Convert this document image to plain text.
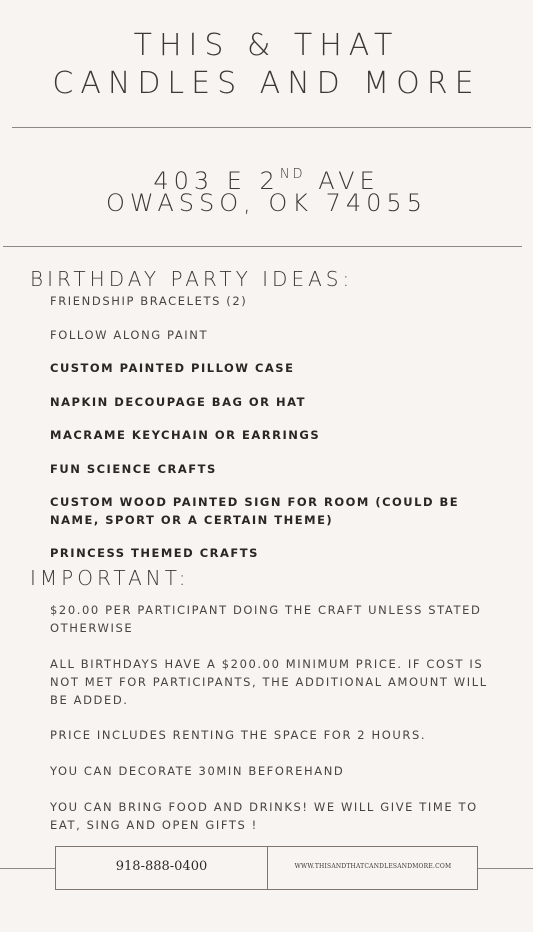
THIS & THAT
CANDLES AND MORE
403 E 2ND AVE
OWASSO, OK 74055
BIRTHDAY PARTY IDEAS:
FRIENDSHIP BRACELETS (2)
FOLLOW ALONG PAINT
CUSTOM PAINTED PILLOW CASE
NAPKIN DECOUPAGE BAG OR HAT
MACRAME KEYCHAIN OR EARRINGS
FUN SCIENCE CRAFTS
CUSTOM WOOD PAINTED SIGN FOR ROOM (COULD BE NAME, SPORT OR A CERTAIN THEME)
PRINCESS THEMED CRAFTS
IMPORTANT:
$20.00 PER PARTICIPANT DOING THE CRAFT UNLESS STATED OTHERWISE
ALL BIRTHDAYS HAVE A $200.00 MINIMUM PRICE. IF COST IS NOT MET FOR PARTICIPANTS, THE ADDITIONAL AMOUNT WILL BE ADDED.
PRICE INCLUDES RENTING THE SPACE FOR 2 HOURS.
YOU CAN DECORATE 30MIN BEFOREHAND
YOU CAN BRING FOOD AND DRINKS! WE WILL GIVE TIME TO EAT, SING AND OPEN GIFTS !
918-888-0400	WWW.THISANDTHATCANDLESANDMORE.COM
